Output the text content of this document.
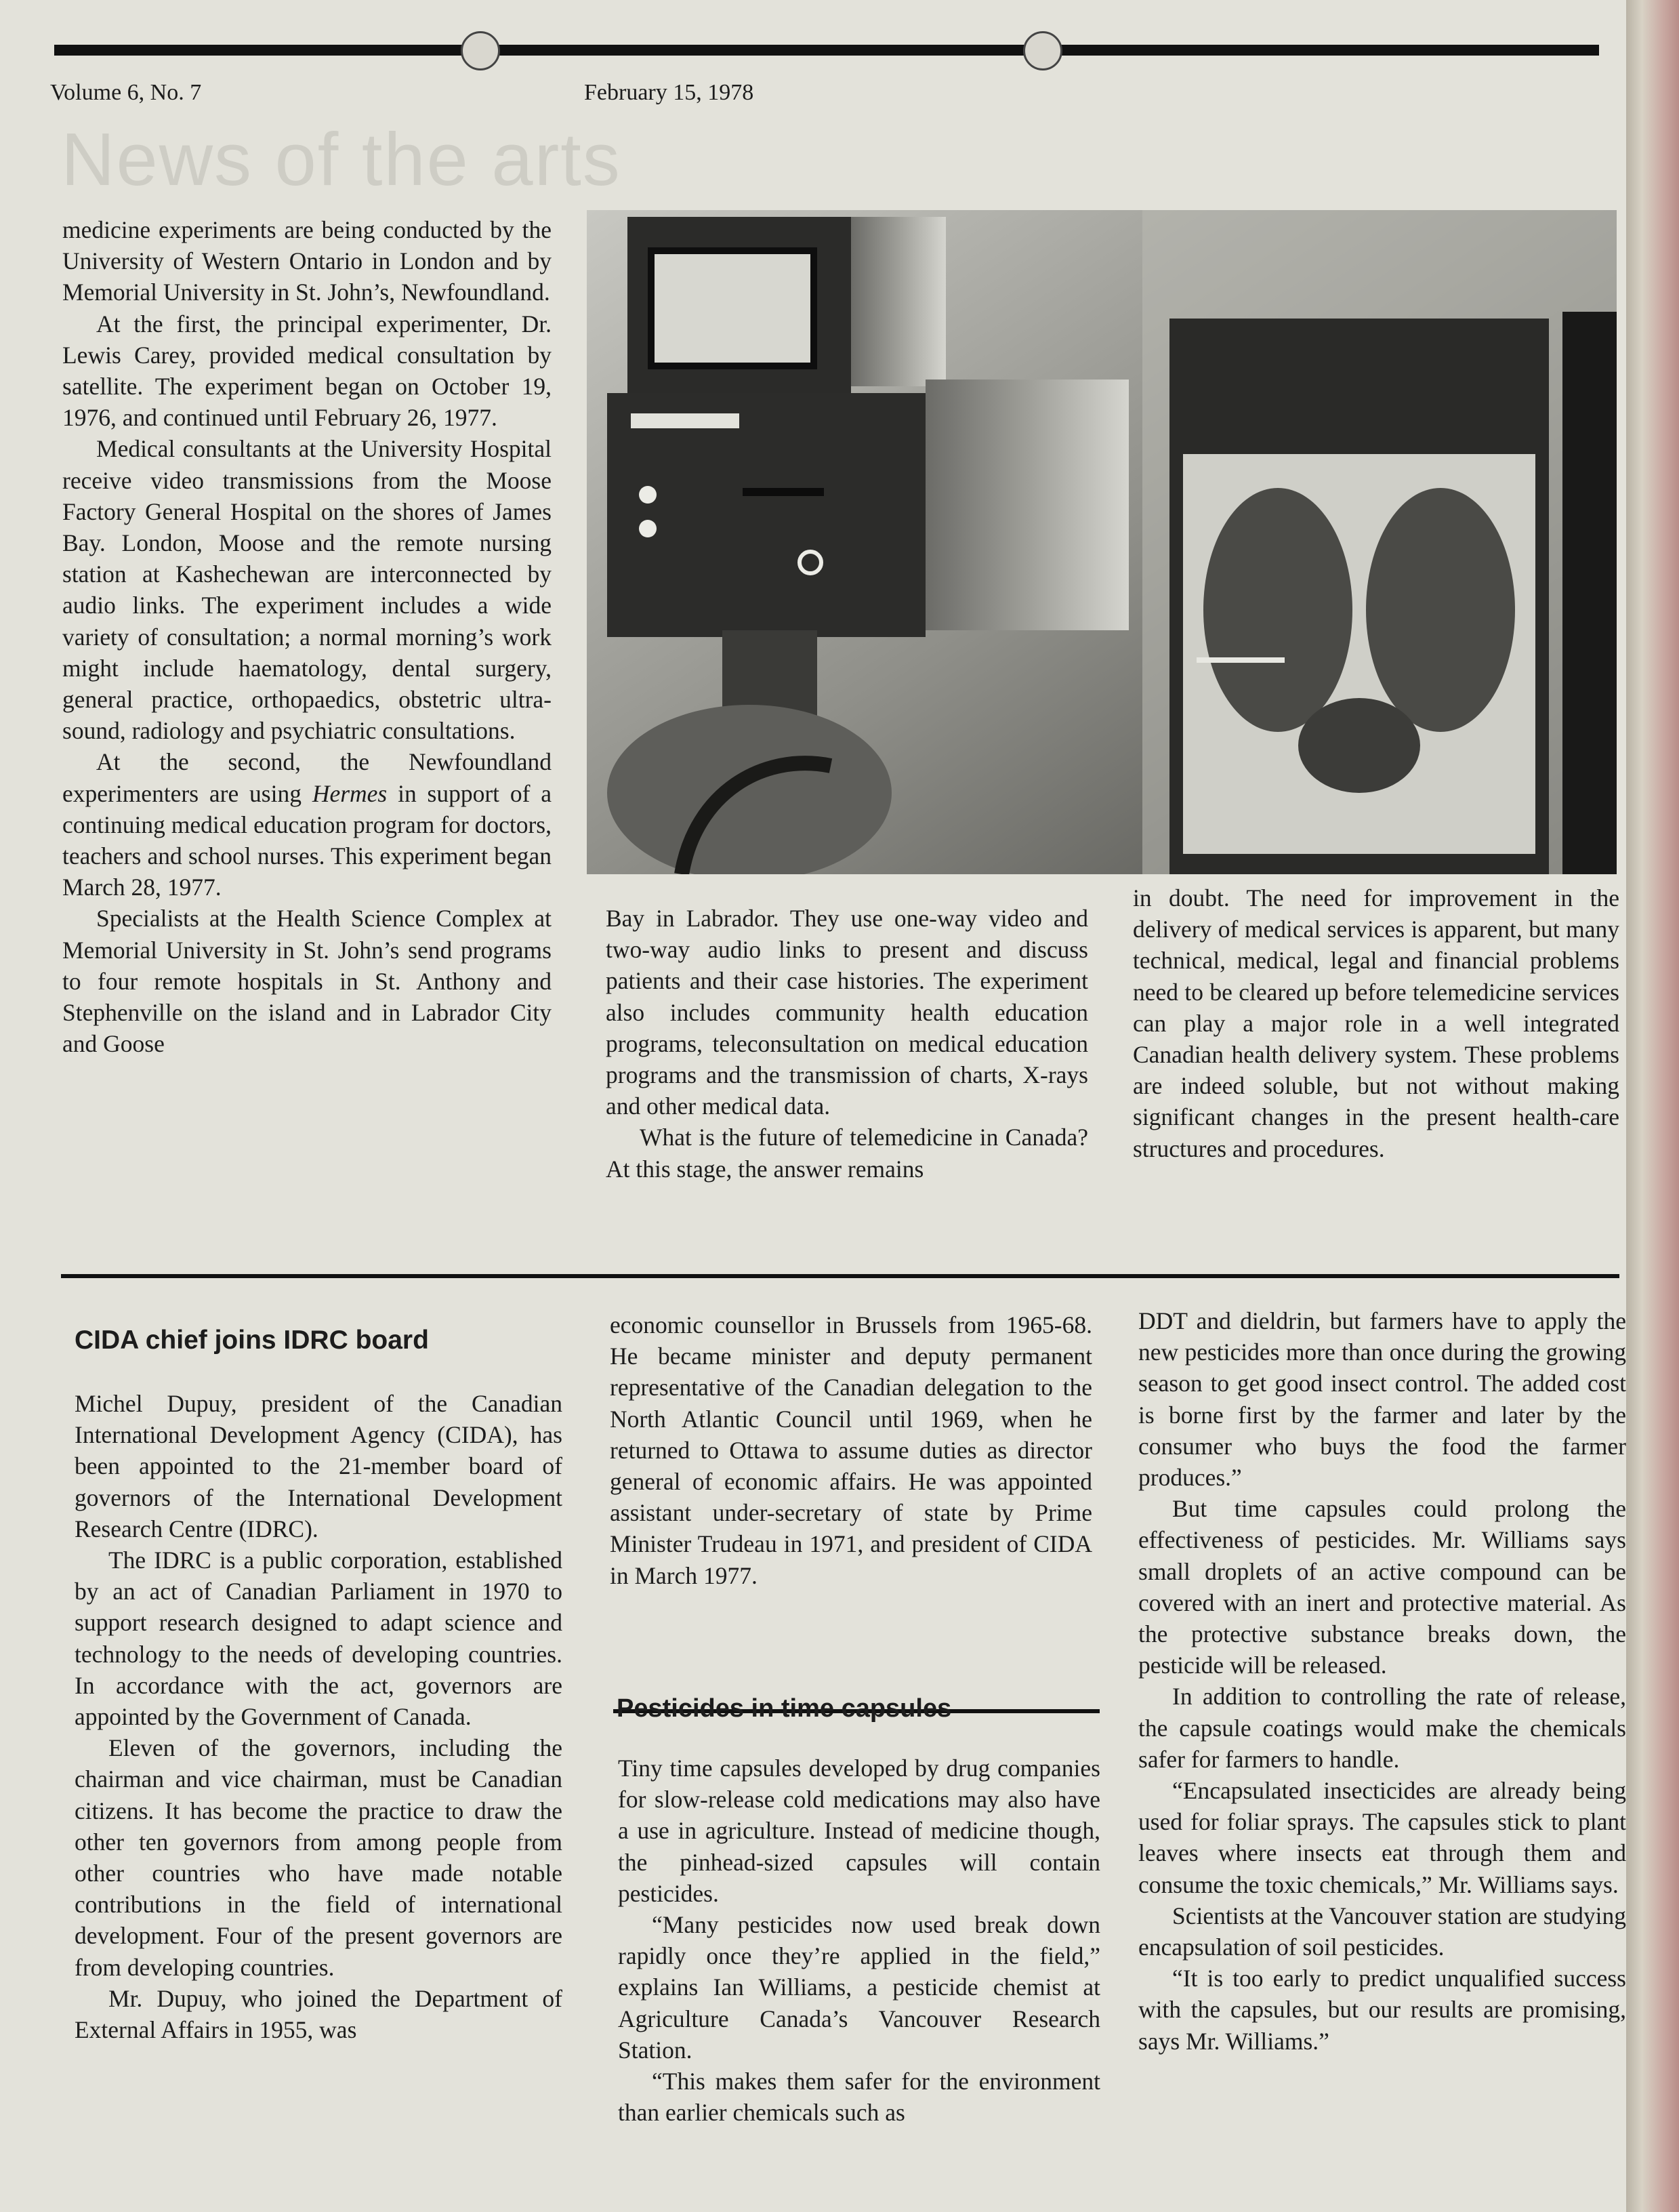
Volume 6, No. 7	February 15, 1978
News of the arts

medicine experiments are being conducted by the University of Western Ontario in London and by Memorial University in St. John’s, Newfoundland.

At the first, the principal experimenter, Dr. Lewis Carey, provided medical consultation by satellite. The experiment began on October 19, 1976, and continued until February 26, 1977.

Medical consultants at the University Hospital receive video transmissions from the Moose Factory General Hospital on the shores of James Bay. London, Moose and the remote nursing station at Kashechewan are interconnected by audio links. The experiment includes a wide variety of consultation; a normal morning’s work might include haematology, dental surgery, general practice, orthopaedics, obstetric ultra-sound, radiology and psychiatric consultations.

At the second, the Newfoundland experimenters are using Hermes in support of a continuing medical education program for doctors, teachers and school nurses. This experiment began March 28, 1977.

Specialists at the Health Science Complex at Memorial University in St. John’s send programs to four remote hospitals in St. Anthony and Stephenville on the island and in Labrador City and Goose

Bay in Labrador. They use one-way video and two-way audio links to present and discuss patients and their case histories. The experiment also includes community health education programs, teleconsultation on medical education programs and the transmission of charts, X-rays and other medical data.

What is the future of telemedicine in Canada? At this stage, the answer remains

in doubt. The need for improvement in the delivery of medical services is apparent, but many technical, medical, legal and financial problems need to be cleared up before telemedicine services can play a major role in a well integrated Canadian health delivery system. These problems are indeed soluble, but not without making significant changes in the present health-care structures and procedures.

CIDA chief joins IDRC board

Michel Dupuy, president of the Canadian International Development Agency (CIDA), has been appointed to the 21-member board of governors of the International Development Research Centre (IDRC).

The IDRC is a public corporation, established by an act of Canadian Parliament in 1970 to support research designed to adapt science and technology to the needs of developing countries. In accordance with the act, governors are appointed by the Government of Canada.

Eleven of the governors, including the chairman and vice chairman, must be Canadian citizens. It has become the practice to draw the other ten governors from among people from other countries who have made notable contributions in the field of international development. Four of the present governors are from developing countries.

Mr. Dupuy, who joined the Department of External Affairs in 1955, was

economic counsellor in Brussels from 1965-68. He became minister and deputy permanent representative of the Canadian delegation to the North Atlantic Council until 1969, when he returned to Ottawa to assume duties as director general of economic affairs. He was appointed assistant under-secretary of state by Prime Minister Trudeau in 1971, and president of CIDA in March 1977.

Pesticides in time capsules

Tiny time capsules developed by drug companies for slow-release cold medications may also have a use in agriculture. Instead of medicine though, the pinhead-sized capsules will contain pesticides.

“Many pesticides now used break down rapidly once they’re applied in the field,” explains Ian Williams, a pesticide chemist at Agriculture Canada’s Vancouver Research Station.

“This makes them safer for the environment than earlier chemicals such as

DDT and dieldrin, but farmers have to apply the new pesticides more than once during the growing season to get good insect control. The added cost is borne first by the farmer and later by the consumer who buys the food the farmer produces.”

But time capsules could prolong the effectiveness of pesticides. Mr. Williams says small droplets of an active compound can be covered with an inert and protective material. As the protective substance breaks down, the pesticide will be released.

In addition to controlling the rate of release, the capsule coatings would make the chemicals safer for farmers to handle.

“Encapsulated insecticides are already being used for foliar sprays. The capsules stick to plant leaves where insects eat through them and consume the toxic chemicals,” Mr. Williams says.

Scientists at the Vancouver station are studying encapsulation of soil pesticides.

“It is too early to predict unqualified success with the capsules, but our results are promising, says Mr. Williams.”
